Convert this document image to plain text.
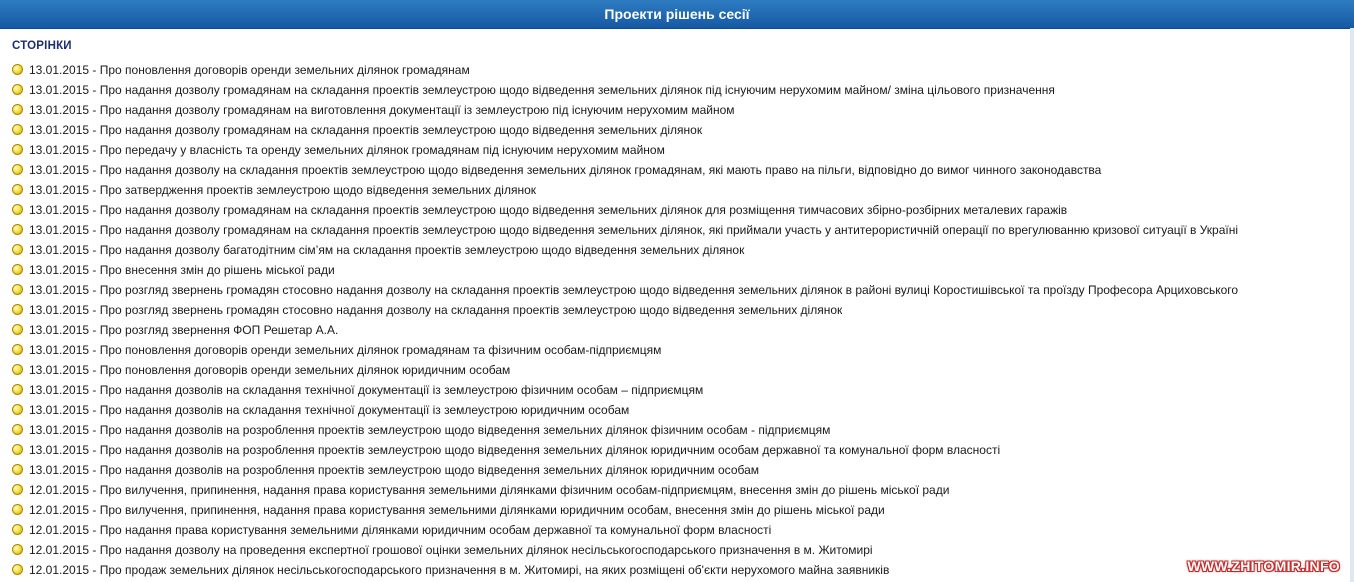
Проекти рішень сесії
СТОРІНКИ
13.01.2015 - Про поновлення договорів оренди земельних ділянок громадянам
13.01.2015 - Про надання дозволу громадянам на складання проектів землеустрою щодо відведення земельних ділянок під існуючим нерухомим майном/ зміна цільового призначення
13.01.2015 - Про надання дозволу громадянам на виготовлення документації із землеустрою під існуючим нерухомим майном
13.01.2015 - Про надання дозволу громадянам на складання проектів землеустрою щодо відведення земельних ділянок
13.01.2015 - Про передачу у власність та оренду земельних ділянок громадянам під існуючим нерухомим майном
13.01.2015 - Про надання дозволу на складання проектів землеустрою щодо відведення земельних ділянок громадянам, які мають право на пільги, відповідно до вимог чинного законодавства
13.01.2015 - Про затвердження проектів землеустрою щодо відведення земельних ділянок
13.01.2015 - Про надання дозволу громадянам на складання проектів землеустрою щодо відведення земельних ділянок для розміщення тимчасових збірно-розбірних металевих гаражів
13.01.2015 - Про надання дозволу громадянам на складання проектів землеустрою щодо відведення земельних ділянок, які приймали участь у антитерористичній операції по врегулюванню кризової ситуації в Україні
13.01.2015 - Про надання дозволу багатодітним сім’ям на складання проектів землеустрою щодо відведення земельних ділянок
13.01.2015 - Про внесення змін до рішень міської ради
13.01.2015 - Про розгляд звернень громадян стосовно надання дозволу на складання проектів землеустрою щодо відведення земельних ділянок в районі вулиці Коростишівської та проїзду Професора Арциховського
13.01.2015 - Про розгляд звернень громадян стосовно надання дозволу на складання проектів землеустрою щодо відведення земельних ділянок
13.01.2015 - Про розгляд звернення ФОП Решетар А.А.
13.01.2015 - Про поновлення договорів оренди земельних ділянок громадянам та фізичним особам-підприємцям
13.01.2015 - Про поновлення договорів оренди земельних ділянок юридичним особам
13.01.2015 - Про надання дозволів на складання технічної документації із землеустрою фізичним особам – підприємцям
13.01.2015 - Про надання дозволів на складання технічної документації із землеустрою юридичним особам
13.01.2015 - Про надання дозволів на розроблення проектів землеустрою щодо відведення земельних ділянок фізичним особам - підприємцям
13.01.2015 - Про надання дозволів на розроблення проектів землеустрою щодо відведення земельних ділянок юридичним особам державної та комунальної форм власності
13.01.2015 - Про надання дозволів на розроблення проектів землеустрою щодо відведення земельних ділянок юридичним особам
12.01.2015 - Про вилучення, припинення, надання права користування земельними ділянками фізичним особам-підприємцям, внесення змін до рішень міської ради
12.01.2015 - Про вилучення, припинення, надання права користування земельними ділянками юридичним особам, внесення змін до рішень міської ради
12.01.2015 - Про надання права користування земельними ділянками юридичним особам державної та комунальної форм власності
12.01.2015 - Про надання дозволу на проведення експертної грошової оцінки земельних ділянок несільськогосподарського призначення в м. Житомирі
12.01.2015 - Про продаж земельних ділянок несільськогосподарського призначення в м. Житомирі, на яких розміщені об'єкти нерухомого майна заявників	WWW.ZHITOMIR.INFO
